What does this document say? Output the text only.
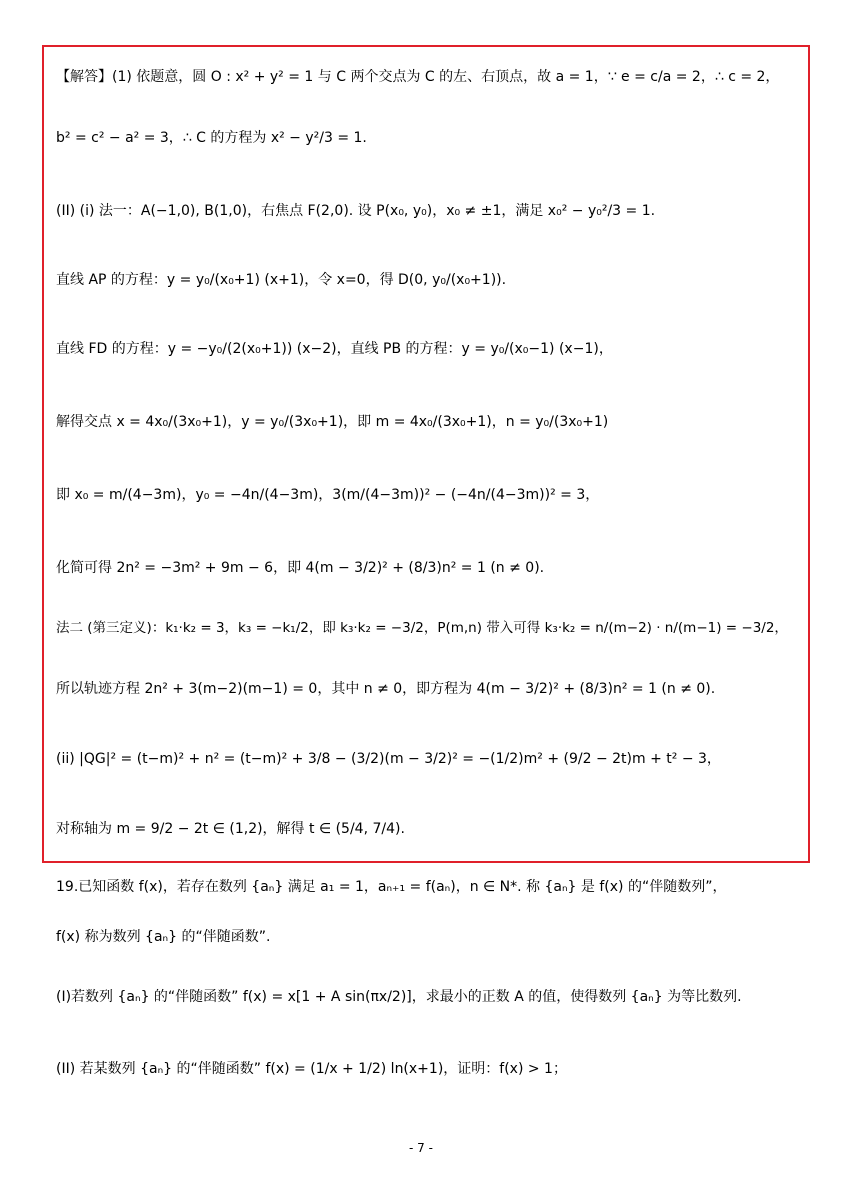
【解答】(1) 依题意，圆 O : x² + y² = 1 与 C 两个交点为 C 的左、右顶点，故 a = 1，∵ e = c/a = 2，∴ c = 2，
b² = c² − a² = 3，∴ C 的方程为 x² − y²/3 = 1.
(II) (i) 法一：A(−1,0), B(1,0)，右焦点 F(2,0). 设 P(x₀, y₀)，x₀ ≠ ±1，满足 x₀² − y₀²/3 = 1.
直线 AP 的方程：y = y₀/(x₀+1) (x+1)，令 x=0，得 D(0, y₀/(x₀+1)).
直线 FD 的方程：y = −y₀/(2(x₀+1)) (x−2)，直线 PB 的方程：y = y₀/(x₀−1) (x−1)，
解得交点 x = 4x₀/(3x₀+1)，y = y₀/(3x₀+1)，即 m = 4x₀/(3x₀+1)，n = y₀/(3x₀+1)
即 x₀ = m/(4−3m)，y₀ = −4n/(4−3m)，3(m/(4−3m))² − (−4n/(4−3m))² = 3，
化简可得 2n² = −3m² + 9m − 6，即 4(m − 3/2)² + (8/3)n² = 1 (n ≠ 0).
法二 (第三定义)：k₁·k₂ = 3，k₃ = −k₁/2，即 k₃·k₂ = −3/2，P(m,n) 带入可得 k₃·k₂ = n/(m−2) · n/(m−1) = −3/2，
所以轨迹方程 2n² + 3(m−2)(m−1) = 0，其中 n ≠ 0，即方程为 4(m − 3/2)² + (8/3)n² = 1 (n ≠ 0).
(ii) |QG|² = (t−m)² + n² = (t−m)² + 3/8 − (3/2)(m − 3/2)² = −(1/2)m² + (9/2 − 2t)m + t² − 3，
对称轴为 m = 9/2 − 2t ∈ (1,2)，解得 t ∈ (5/4, 7/4).
19.已知函数 f(x)，若存在数列 {aₙ} 满足 a₁ = 1，aₙ₊₁ = f(aₙ)，n ∈ N*. 称 {aₙ} 是 f(x) 的“伴随数列”，
f(x) 称为数列 {aₙ} 的“伴随函数”.
(I)若数列 {aₙ} 的“伴随函数” f(x) = x[1 + A sin(πx/2)]，求最小的正数 A 的值，使得数列 {aₙ} 为等比数列.
(II) 若某数列 {aₙ} 的“伴随函数” f(x) = (1/x + 1/2) ln(x+1)，证明：f(x) > 1；
- 7 -
